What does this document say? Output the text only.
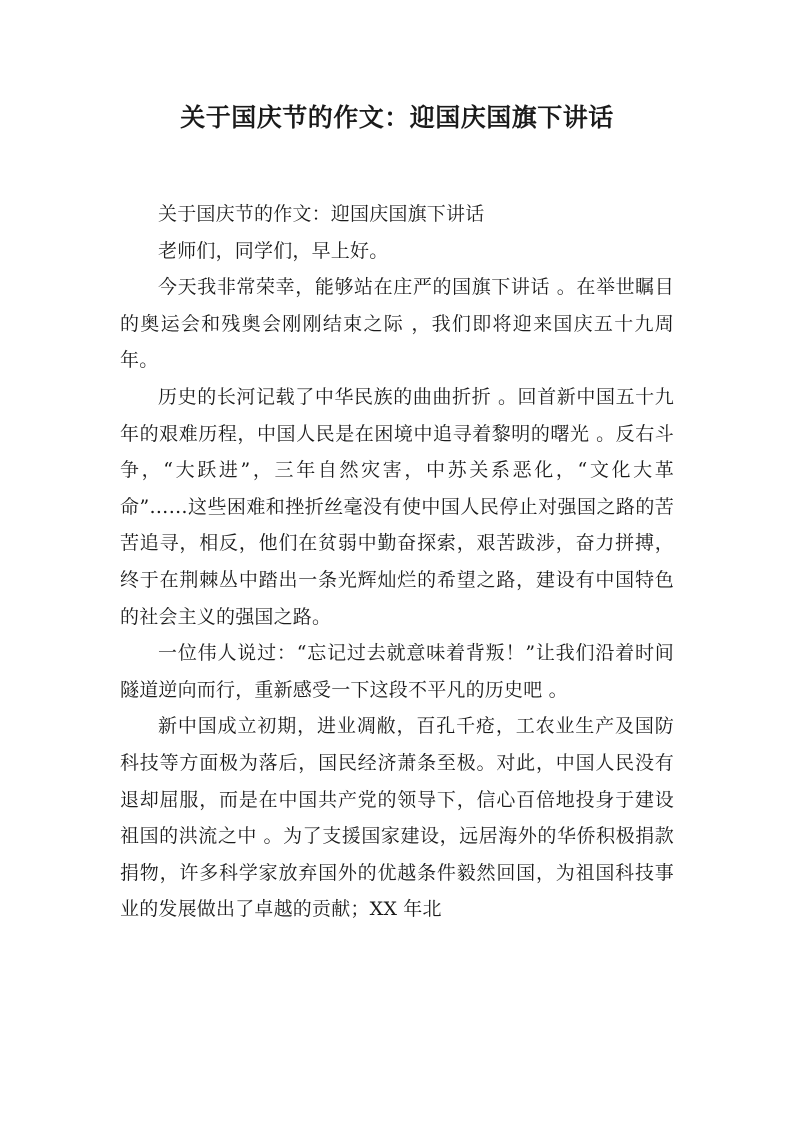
关于国庆节的作文：迎国庆国旗下讲话

关于国庆节的作文：迎国庆国旗下讲话

老师们，同学们，早上好。

今天我非常荣幸，能够站在庄严的国旗下讲话 。在举世瞩目的奥运会和残奥会刚刚结束之际 ，我们即将迎来国庆五十九周年。

历史的长河记载了中华民族的曲曲折折 。回首新中国五十九年的艰难历程，中国人民是在困境中追寻着黎明的曙光 。反右斗争，“大跃进”，三年自然灾害，中苏关系恶化，“文化大革命”……这些困难和挫折丝毫没有使中国人民停止对强国之路的苦苦追寻，相反，他们在贫弱中勤奋探索，艰苦跋涉，奋力拼搏，终于在荆棘丛中踏出一条光辉灿烂的希望之路，建设有中国特色的社会主义的强国之路。

一位伟人说过：“忘记过去就意味着背叛！”让我们沿着时间隧道逆向而行，重新感受一下这段不平凡的历史吧 。

新中国成立初期，进业凋敝，百孔千疮，工农业生产及国防科技等方面极为落后，国民经济萧条至极。对此，中国人民没有退却屈服，而是在中国共产党的领导下，信心百倍地投身于建设祖国的洪流之中 。为了支援国家建设，远居海外的华侨积极捐款捐物，许多科学家放弃国外的优越条件毅然回国，为祖国科技事业的发展做出了卓越的贡献；XX 年北
